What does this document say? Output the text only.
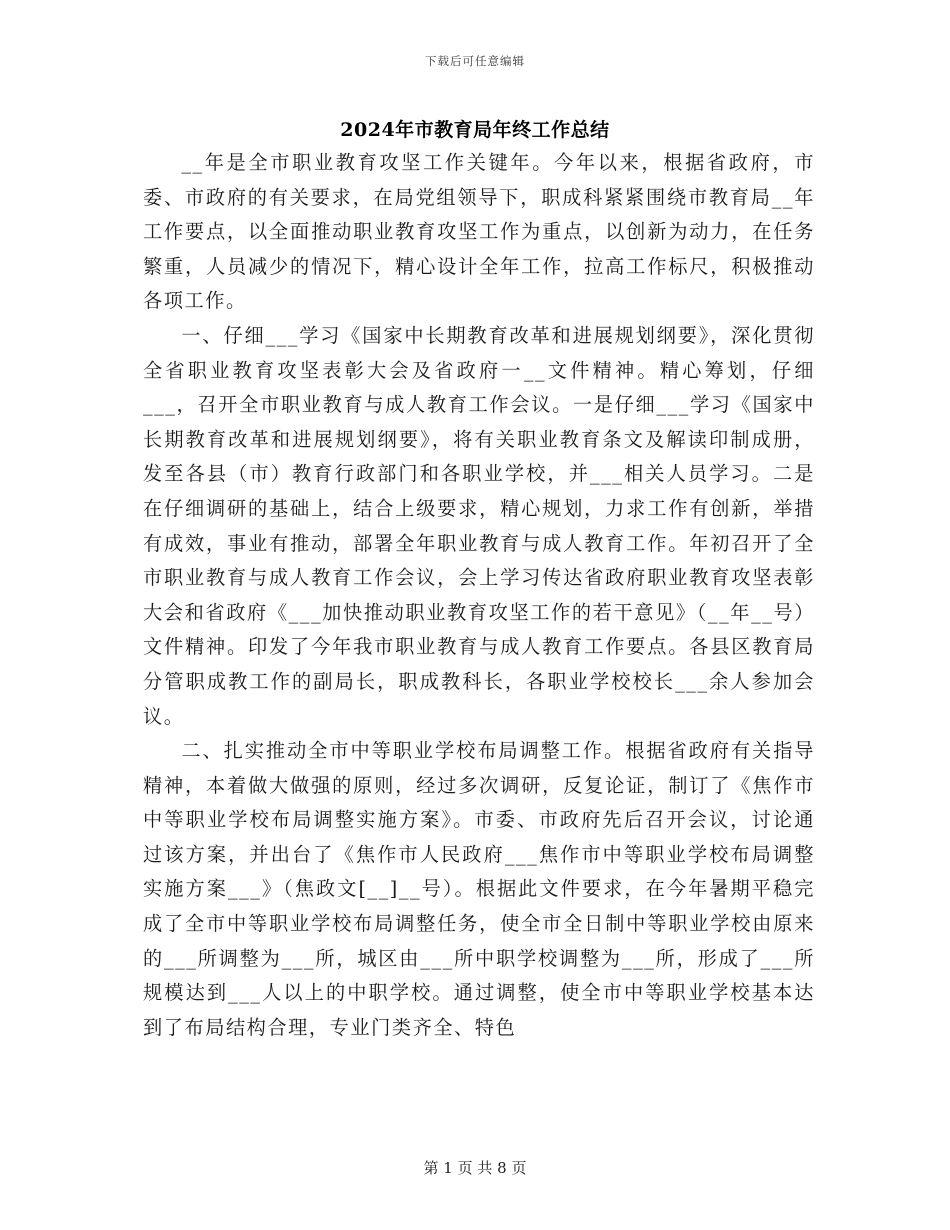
下载后可任意编辑
2024年市教育局年终工作总结

__年是全市职业教育攻坚工作关键年。今年以来，根据省政府，市委、市政府的有关要求，在局党组领导下，职成科紧紧围绕市教育局__年工作要点，以全面推动职业教育攻坚工作为重点，以创新为动力，在任务繁重，人员减少的情况下，精心设计全年工作，拉高工作标尺，积极推动各项工作。

一、仔细___学习《国家中长期教育改革和进展规划纲要》，深化贯彻全省职业教育攻坚表彰大会及省政府一__文件精神。精心筹划，仔细___，召开全市职业教育与成人教育工作会议。一是仔细___学习《国家中长期教育改革和进展规划纲要》，将有关职业教育条文及解读印制成册，发至各县（市）教育行政部门和各职业学校，并___相关人员学习。二是在仔细调研的基础上，结合上级要求，精心规划，力求工作有创新，举措有成效，事业有推动，部署全年职业教育与成人教育工作。年初召开了全市职业教育与成人教育工作会议，会上学习传达省政府职业教育攻坚表彰大会和省政府《___加快推动职业教育攻坚工作的若干意见》（__年__号）文件精神。印发了今年我市职业教育与成人教育工作要点。各县区教育局分管职成教工作的副局长，职成教科长，各职业学校校长___余人参加会议。

二、扎实推动全市中等职业学校布局调整工作。根据省政府有关指导精神，本着做大做强的原则，经过多次调研，反复论证，制订了《焦作市中等职业学校布局调整实施方案》。市委、市政府先后召开会议，讨论通过该方案，并出台了《焦作市人民政府___焦作市中等职业学校布局调整实施方案___》（焦政文[__]__号）。根据此文件要求，在今年暑期平稳完成了全市中等职业学校布局调整任务，使全市全日制中等职业学校由原来的___所调整为___所，城区由___所中职学校调整为___所，形成了___所规模达到___人以上的中职学校。通过调整，使全市中等职业学校基本达到了布局结构合理，专业门类齐全、特色

第 1 页 共 8 页
